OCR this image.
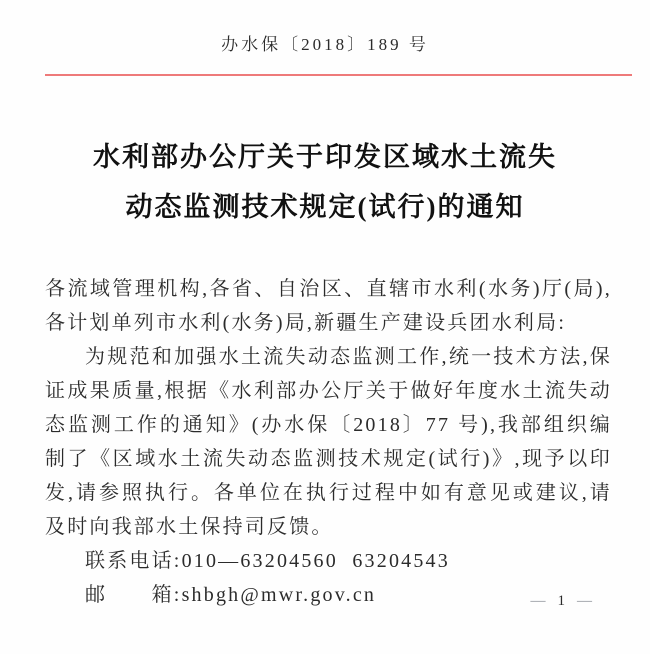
办水保〔2018〕189 号
水利部办公厅关于印发区域水土流失
动态监测技术规定(试行)的通知

各流域管理机构,各省、自治区、直辖市水利(水务)厅(局),各计划单列市水利(水务)局,新疆生产建设兵团水利局:

为规范和加强水土流失动态监测工作,统一技术方法,保证成果质量,根据《水利部办公厅关于做好年度水土流失动态监测工作的通知》(办水保〔2018〕77 号),我部组织编制了《区域水土流失动态监测技术规定(试行)》,现予以印发,请参照执行。各单位在执行过程中如有意见或建议,请及时向我部水土保持司反馈。

联系电话:010—63204560  63204543

邮　　箱:shbgh@mwr.gov.cn	— 1 —
